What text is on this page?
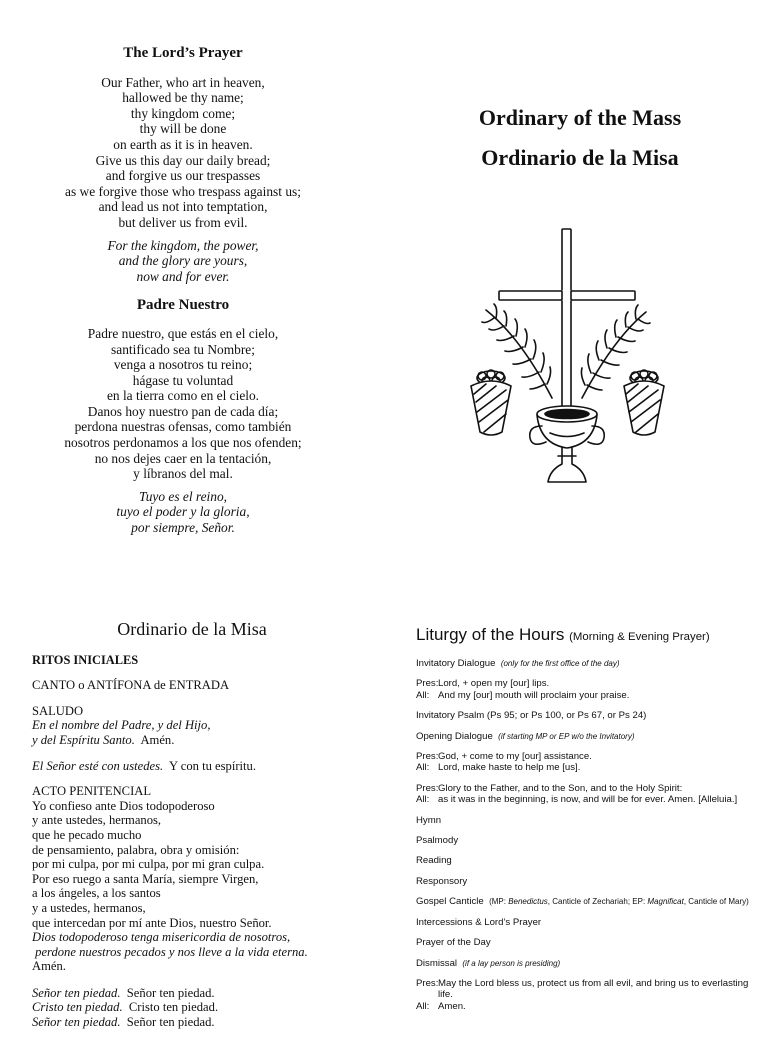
The Lord’s Prayer
Our Father, who art in heaven,
hallowed be thy name;
thy kingdom come;
thy will be done
on earth as it is in heaven.
Give us this day our daily bread;
and forgive us our trespasses
as we forgive those who trespass against us;
and lead us not into temptation,
but deliver us from evil.
For the kingdom, the power,
and the glory are yours,
now and for ever.
Padre Nuestro
Padre nuestro, que estás en el cielo,
santificado sea tu Nombre;
venga a nosotros tu reino;
hágase tu voluntad
en la tierra como en el cielo.
Danos hoy nuestro pan de cada día;
perdona nuestras ofensas, como también
nosotros perdonamos a los que nos ofenden;
no nos dejes caer en la tentación,
y líbranos del mal.
Tuyo es el reino,
tuyo el poder y la gloria,
por siempre, Señor.
Ordinary of the Mass
Ordinario de la Misa
Ordinario de la Misa
RITOS INICIALES

CANTO o ANTÍFONA de ENTRADA

SALUDO
En el nombre del Padre, y del Hijo,
y del Espíritu Santo. Amén.

El Señor esté con ustedes. Y con tu espíritu.

ACTO PENITENCIAL
Yo confieso ante Dios todopoderoso
y ante ustedes, hermanos,
que he pecado mucho
de pensamiento, palabra, obra y omisión:
por mi culpa, por mi culpa, por mi gran culpa.
Por eso ruego a santa María, siempre Virgen,
a los ángeles, a los santos
y a ustedes, hermanos,
que intercedan por mí ante Dios, nuestro Señor.
Dios todopoderoso tenga misericordia de nosotros,
perdone nuestros pecados y nos lleve a la vida eterna.
Amén.

Señor ten piedad. Señor ten piedad.
Cristo ten piedad. Cristo ten piedad.
Señor ten piedad. Señor ten piedad.

Liturgy of the Hours (Morning & Evening Prayer)
Invitatory Dialogue (only for the first office of the day)
Pres: Lord, + open my [our] lips.
All: And my [our] mouth will proclaim your praise.
Invitatory Psalm (Ps 95; or Ps 100, or Ps 67, or Ps 24)
Opening Dialogue (if starting MP or EP w/o the Invitatory)
Pres: God, + come to my [our] assistance.
All: Lord, make haste to help me [us].
Pres: Glory to the Father, and to the Son, and to the Holy Spirit:
All: as it was in the beginning, is now, and will be for ever. Amen. [Alleluia.]
Hymn
Psalmody
Reading
Responsory
Gospel Canticle (MP: Benedictus, Canticle of Zechariah; EP: Magnificat, Canticle of Mary)
Intercessions & Lord’s Prayer
Prayer of the Day
Dismissal (if a lay person is presiding)
Pres: May the Lord bless us, protect us from all evil, and bring us to everlasting life.
All: Amen.
